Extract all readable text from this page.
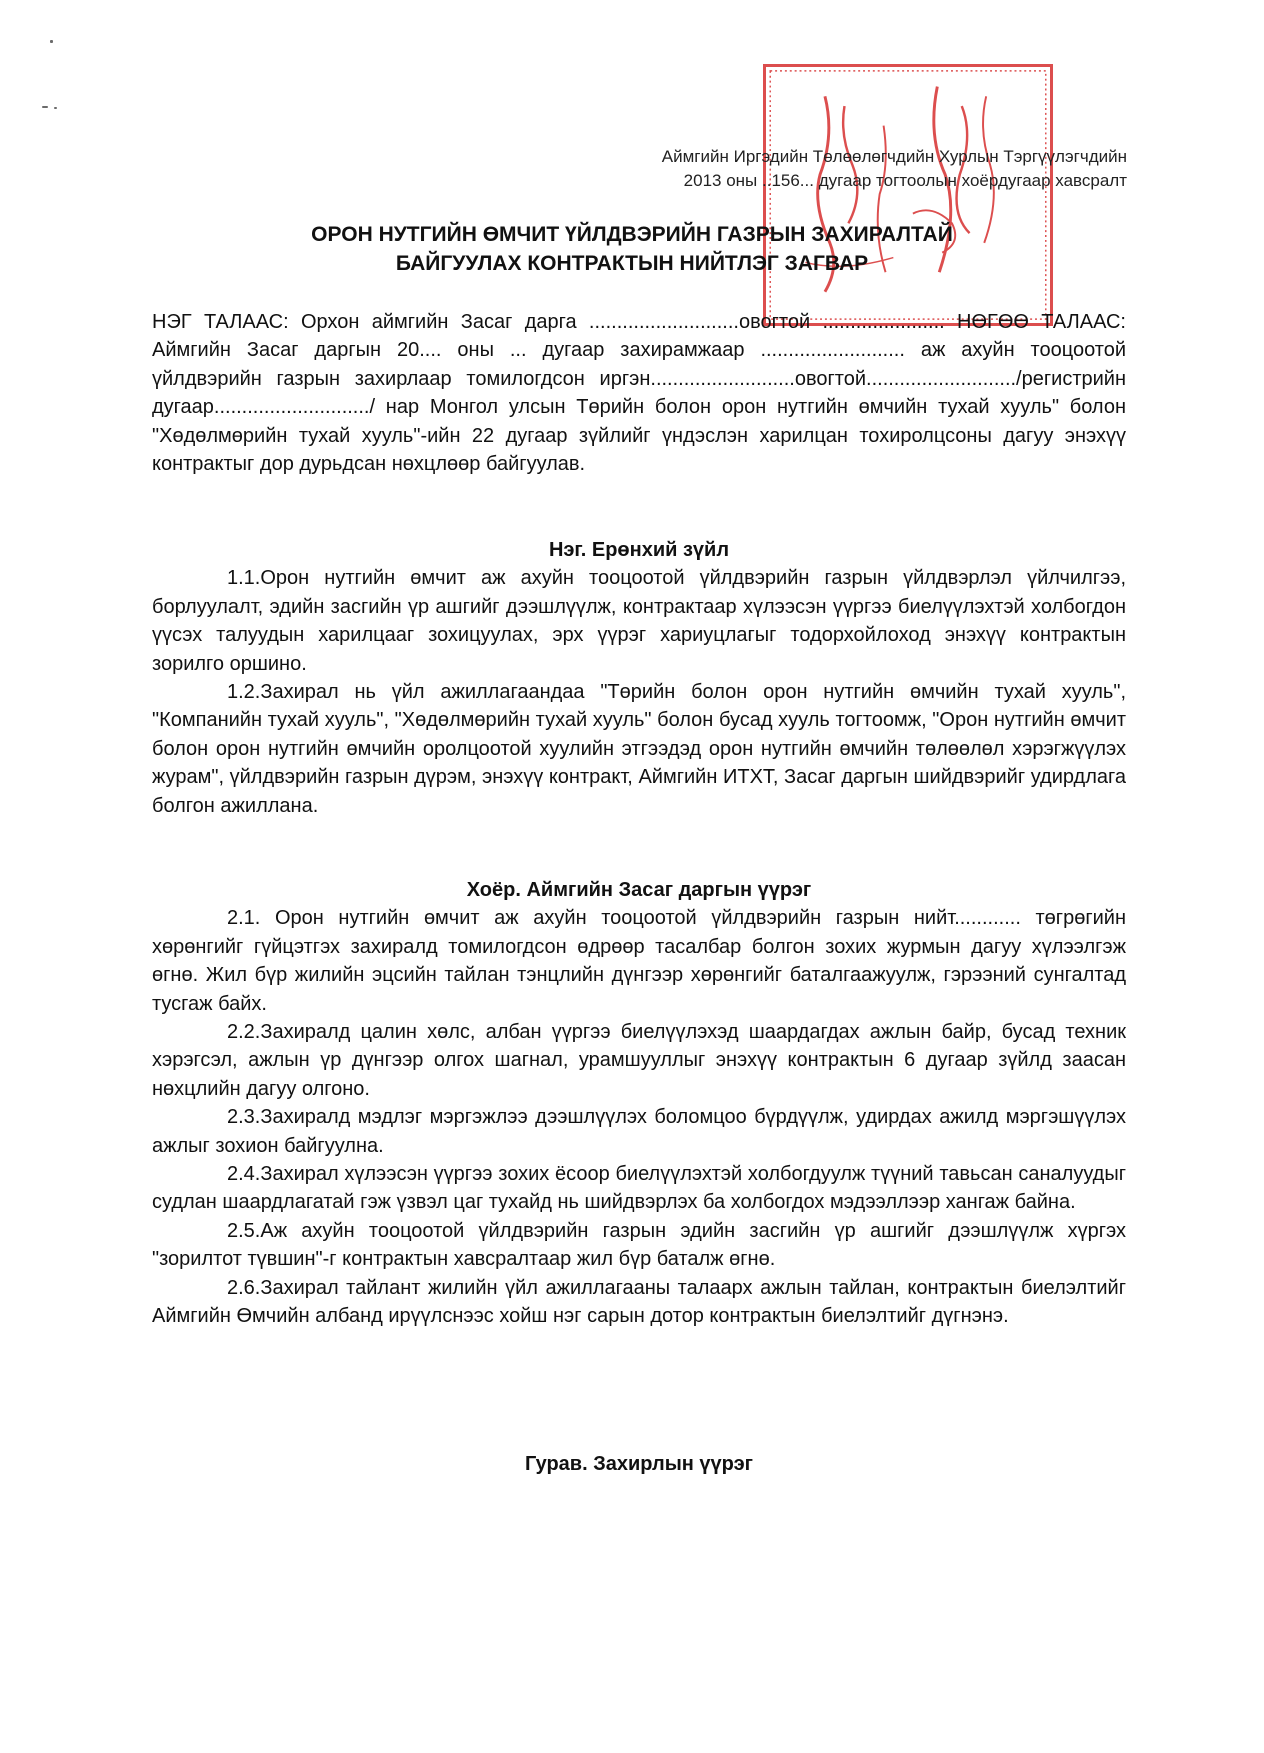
Аймгийн Иргэдийн Төлөөлөгчдийн Хурлын Тэргүүлэгчдийн
2013 оны ..156... дугаар тогтоолын хоёрдугаар хавсралт
ОРОН НУТГИЙН ӨМЧИТ ҮЙЛДВЭРИЙН ГАЗРЫН ЗАХИРАЛТАЙ
БАЙГУУЛАХ КОНТРАКТЫН НИЙТЛЭГ ЗАГВАР

НЭГ ТАЛААС: Орхон аймгийн Засаг дарга ...........................овогтой ...................... НӨГӨӨ ТАЛААС: Аймгийн Засаг даргын 20.... оны ... дугаар захирамжаар .......................... аж ахуйн тооцоотой үйлдвэрийн газрын захирлаар томилогдсон иргэн..........................овогтой.........................../регистрийн дугаар............................/ нар Монгол улсын Төрийн болон орон нутгийн өмчийн тухай хууль" болон "Хөдөлмөрийн тухай хууль"-ийн 22 дугаар зүйлийг үндэслэн харилцан тохиролцсоны дагуу энэхүү контрактыг дор дурьдсан нөхцлөөр байгуулав.

Нэг. Ерөнхий зүйл

1.1.Орон нутгийн өмчит аж ахуйн тооцоотой үйлдвэрийн газрын үйлдвэрлэл үйлчилгээ, борлуулалт, эдийн засгийн үр ашгийг дээшлүүлж, контрактаар хүлээсэн үүргээ биелүүлэхтэй холбогдон үүсэх талуудын харилцааг зохицуулах, эрх үүрэг хариуцлагыг тодорхойлоход энэхүү контрактын зорилго оршино.

1.2.Захирал нь үйл ажиллагаандаа "Төрийн болон орон нутгийн өмчийн тухай хууль", "Компанийн тухай хууль", "Хөдөлмөрийн тухай хууль" болон бусад хууль тогтоомж, "Орон нутгийн өмчит болон орон нутгийн өмчийн оролцоотой хуулийн этгээдэд орон нутгийн өмчийн төлөөлөл хэрэгжүүлэх журам", үйлдвэрийн газрын дүрэм, энэхүү контракт, Аймгийн ИТХТ, Засаг даргын шийдвэрийг удирдлага болгон ажиллана.

Хоёр. Аймгийн Засаг даргын үүрэг

2.1. Орон нутгийн өмчит аж ахуйн тооцоотой үйлдвэрийн газрын нийт............ төгрөгийн хөрөнгийг гүйцэтгэх захиралд томилогдсон өдрөөр тасалбар болгон зохих журмын дагуу хүлээлгэж өгнө. Жил бүр жилийн эцсийн тайлан тэнцлийн дүнгээр хөрөнгийг баталгаажуулж, гэрээний сунгалтад тусгаж байх.

2.2.Захиралд цалин хөлс, албан үүргээ биелүүлэхэд шаардагдах ажлын байр, бусад техник хэрэгсэл, ажлын үр дүнгээр олгох шагнал, урамшууллыг энэхүү контрактын 6 дугаар зүйлд заасан нөхцлийн дагуу олгоно.

2.3.Захиралд мэдлэг мэргэжлээ дээшлүүлэх боломцоо бүрдүүлж, удирдах ажилд мэргэшүүлэх ажлыг зохион байгуулна.

2.4.Захирал хүлээсэн үүргээ зохих ёсоор биелүүлэхтэй холбогдуулж түүний тавьсан саналуудыг судлан шаардлагатай гэж үзвэл цаг тухайд нь шийдвэрлэх ба холбогдох мэдээллээр хангаж байна.

2.5.Аж ахуйн тооцоотой үйлдвэрийн газрын эдийн засгийн үр ашгийг дээшлүүлж хүргэх "зорилтот түвшин"-г контрактын хавсралтаар жил бүр баталж өгнө.

2.6.Захирал тайлант жилийн үйл ажиллагааны талаарх ажлын тайлан, контрактын биелэлтийг Аймгийн Өмчийн албанд ирүүлснээс хойш нэг сарын дотор контрактын биелэлтийг дүгнэнэ.

Гурав. Захирлын үүрэг
